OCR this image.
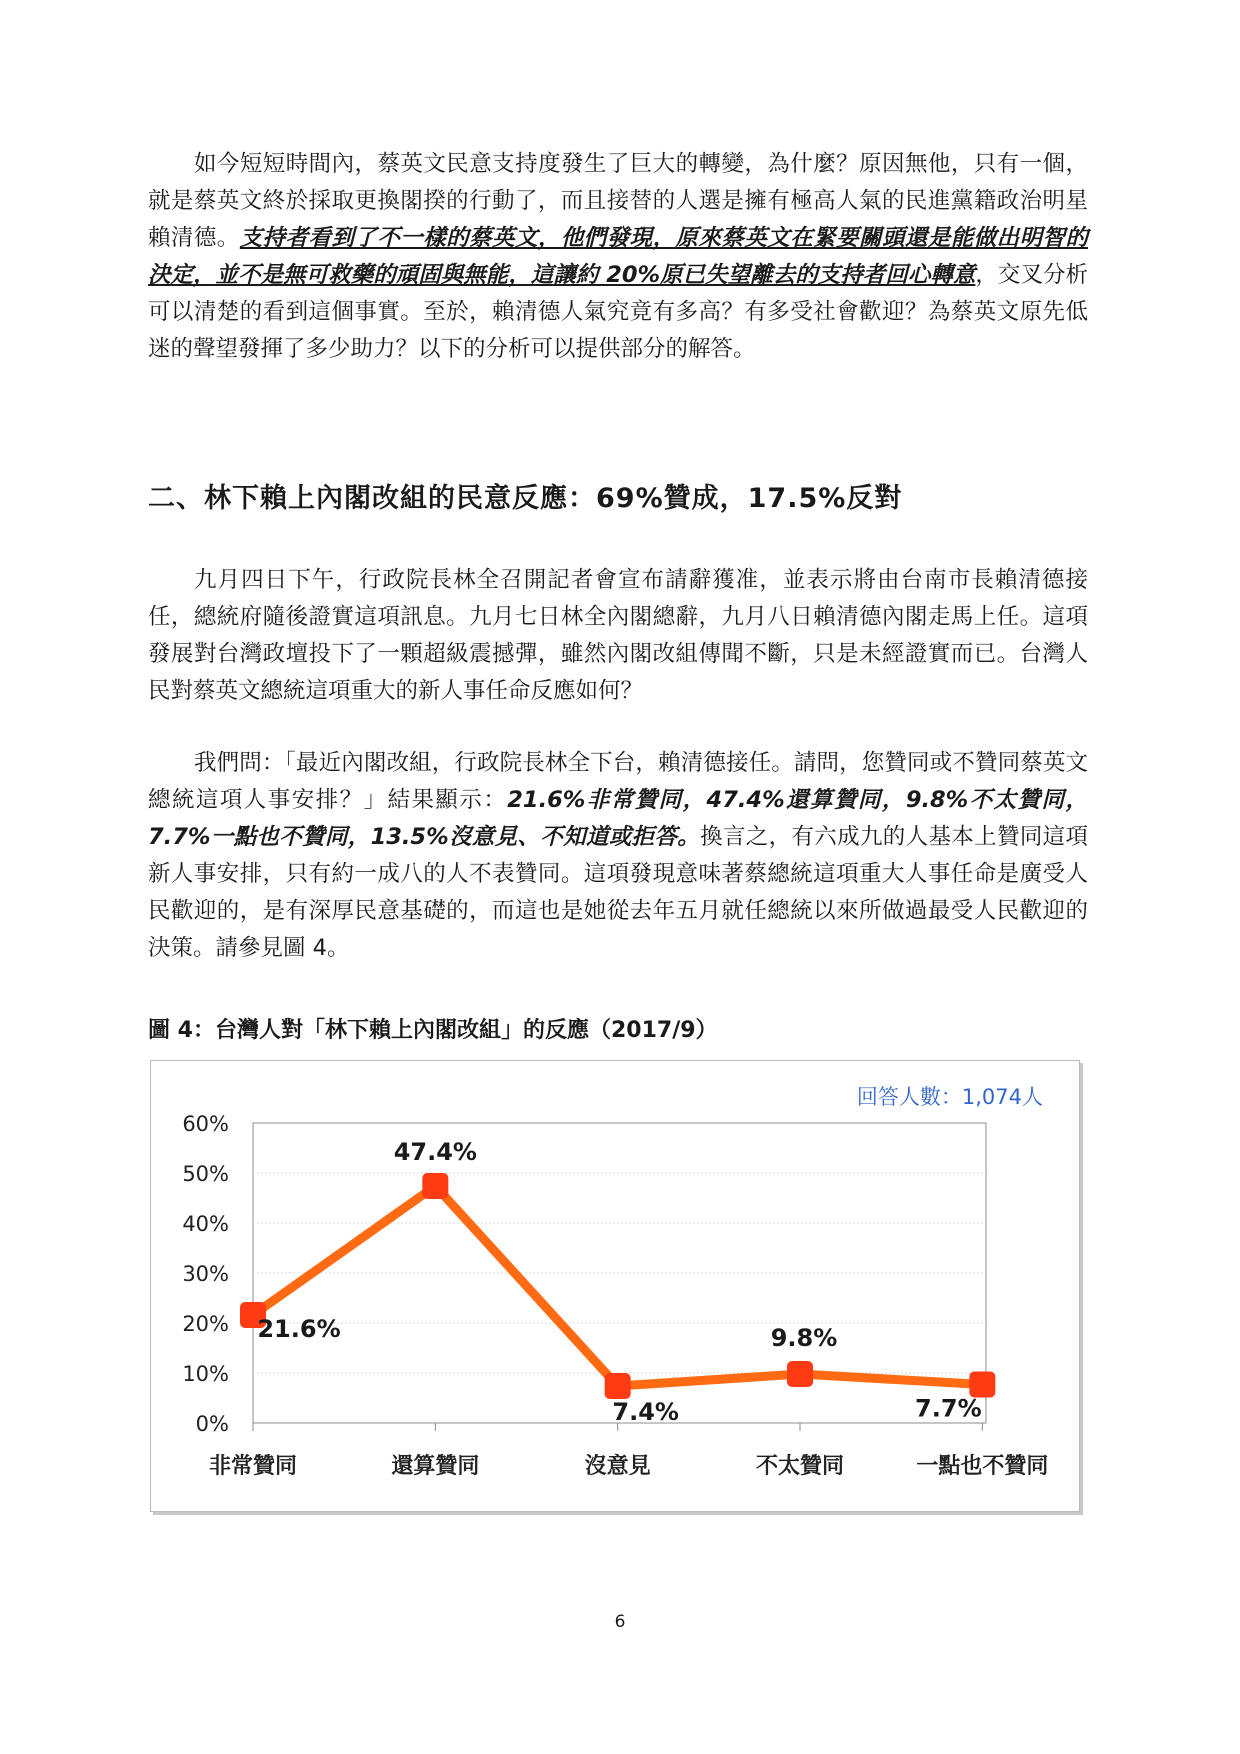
如今短短時間內，蔡英文民意支持度發生了巨大的轉變，為什麼？原因無他，只有一個，就是蔡英文終於採取更換閣揆的行動了，而且接替的人選是擁有極高人氣的民進黨籍政治明星賴清德。支持者看到了不一樣的蔡英文，他們發現，原來蔡英文在緊要關頭還是能做出明智的決定，並不是無可救藥的頑固與無能，這讓約 20%原已失望離去的支持者回心轉意，交叉分析可以清楚的看到這個事實。至於，賴清德人氣究竟有多高？有多受社會歡迎？為蔡英文原先低迷的聲望發揮了多少助力？以下的分析可以提供部分的解答。

二、林下賴上內閣改組的民意反應：69%贊成，17.5%反對

九月四日下午，行政院長林全召開記者會宣布請辭獲准，並表示將由台南市長賴清德接任，總統府隨後證實這項訊息。九月七日林全內閣總辭，九月八日賴清德內閣走馬上任。這項發展對台灣政壇投下了一顆超級震撼彈，雖然內閣改組傳聞不斷，只是未經證實而已。台灣人民對蔡英文總統這項重大的新人事任命反應如何？

我們問：「最近內閣改組，行政院長林全下台，賴清德接任。請問，您贊同或不贊同蔡英文總統這項人事安排？」結果顯示：21.6%非常贊同，47.4%還算贊同，9.8%不太贊同，7.7%一點也不贊同，13.5%沒意見、不知道或拒答。換言之，有六成九的人基本上贊同這項新人事安排，只有約一成八的人不表贊同。這項發現意味著蔡總統這項重大人事任命是廣受人民歡迎的，是有深厚民意基礎的，而這也是她從去年五月就任總統以來所做過最受人民歡迎的決策。請參見圖 4。

圖 4：台灣人對「林下賴上內閣改組」的反應（2017/9）

0%
10%
20%
30%
40%
50%
60%
非常贊同	還算贊同	沒意見	不太贊同	一點也不贊同
21.6%
47.4%
7.4%
9.8%
7.7%
回答人數：1,074人

6
